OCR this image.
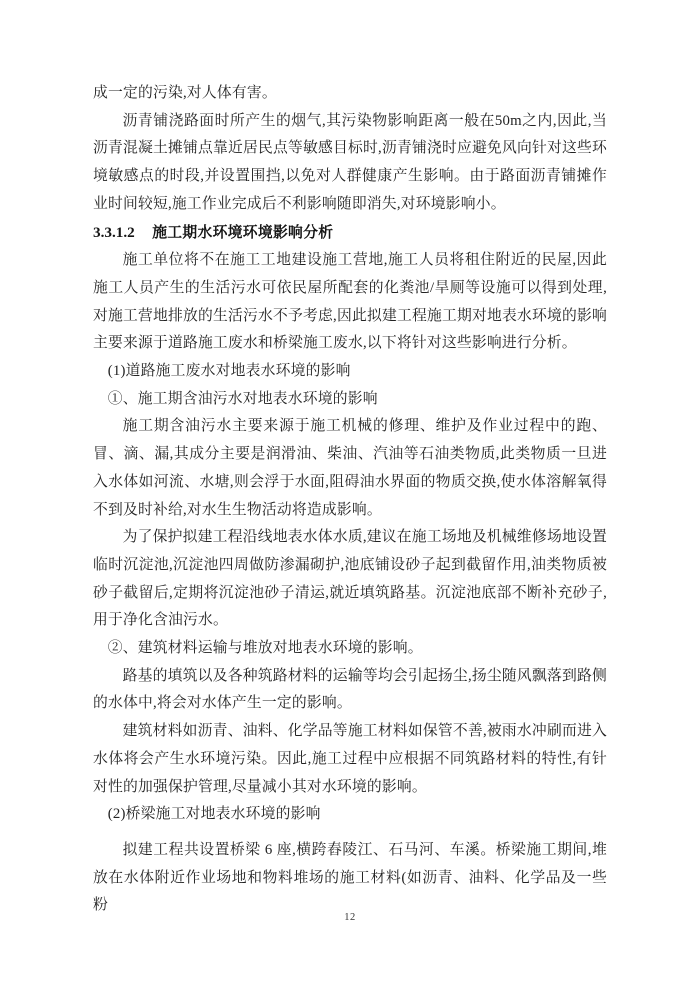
成一定的污染,对人体有害。

沥青铺浇路面时所产生的烟气,其污染物影响距离一般在50m之内,因此,当沥青混凝土摊铺点靠近居民点等敏感目标时,沥青铺浇时应避免风向针对这些环境敏感点的时段,并设置围挡,以免对人群健康产生影响。由于路面沥青铺摊作业时间较短,施工作业完成后不利影响随即消失,对环境影响小。

3.3.1.2 施工期水环境环境影响分析

施工单位将不在施工工地建设施工营地,施工人员将租住附近的民屋,因此施工人员产生的生活污水可依民屋所配套的化粪池/旱厕等设施可以得到处理,对施工营地排放的生活污水不予考虑,因此拟建工程施工期对地表水环境的影响主要来源于道路施工废水和桥梁施工废水,以下将针对这些影响进行分析。

(1)道路施工废水对地表水环境的影响

①、施工期含油污水对地表水环境的影响

施工期含油污水主要来源于施工机械的修理、维护及作业过程中的跑、冒、滴、漏,其成分主要是润滑油、柴油、汽油等石油类物质,此类物质一旦进入水体如河流、水塘,则会浮于水面,阻碍油水界面的物质交换,使水体溶解氧得不到及时补给,对水生生物活动将造成影响。

为了保护拟建工程沿线地表水体水质,建议在施工场地及机械维修场地设置临时沉淀池,沉淀池四周做防渗漏砌护,池底铺设砂子起到截留作用,油类物质被砂子截留后,定期将沉淀池砂子清运,就近填筑路基。沉淀池底部不断补充砂子,用于净化含油污水。

②、建筑材料运输与堆放对地表水环境的影响。

路基的填筑以及各种筑路材料的运输等均会引起扬尘,扬尘随风飘落到路侧的水体中,将会对水体产生一定的影响。

建筑材料如沥青、油料、化学品等施工材料如保管不善,被雨水冲刷而进入水体将会产生水环境污染。因此,施工过程中应根据不同筑路材料的特性,有针对性的加强保护管理,尽量减小其对水环境的影响。

(2)桥梁施工对地表水环境的影响

拟建工程共设置桥梁 6 座,横跨舂陵江、石马河、车溪。桥梁施工期间,堆放在水体附近作业场地和物料堆场的施工材料(如沥青、油料、化学品及一些粉

12
